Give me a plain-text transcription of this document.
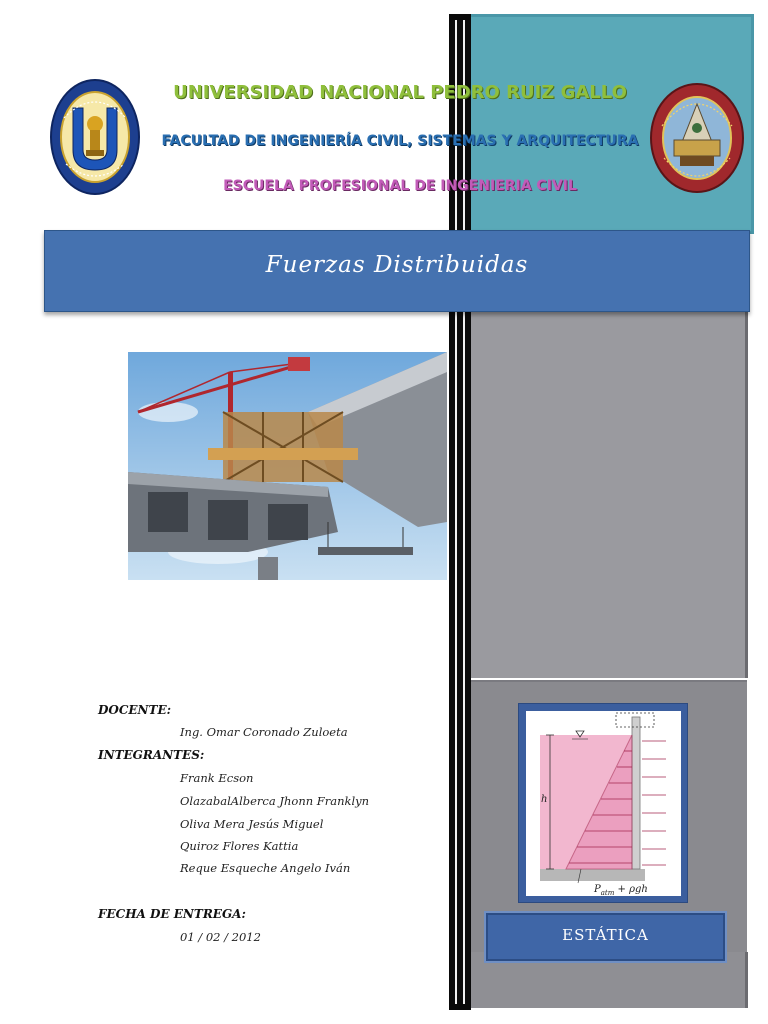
UNIVERSIDAD NACIONAL PEDRO RUIZ GALLO
FACULTAD DE INGENIERÍA CIVIL, SISTEMAS Y ARQUITECTURA
ESCUELA PROFESIONAL DE INGENIERIA CIVIL
Fuerzas Distribuidas
DOCENTE:
Ing. Omar Coronado Zuloeta
INTEGRANTES:
Frank Ecson
OlazabalAlberca Jhonn Franklyn
Oliva Mera Jesús Miguel
Quiroz Flores Kattia
Reque Esqueche Angelo Iván
FECHA DE ENTREGA:
01 / 02 / 2012
h
$P_{atm} + \rho gh$
ESTÁTICA
